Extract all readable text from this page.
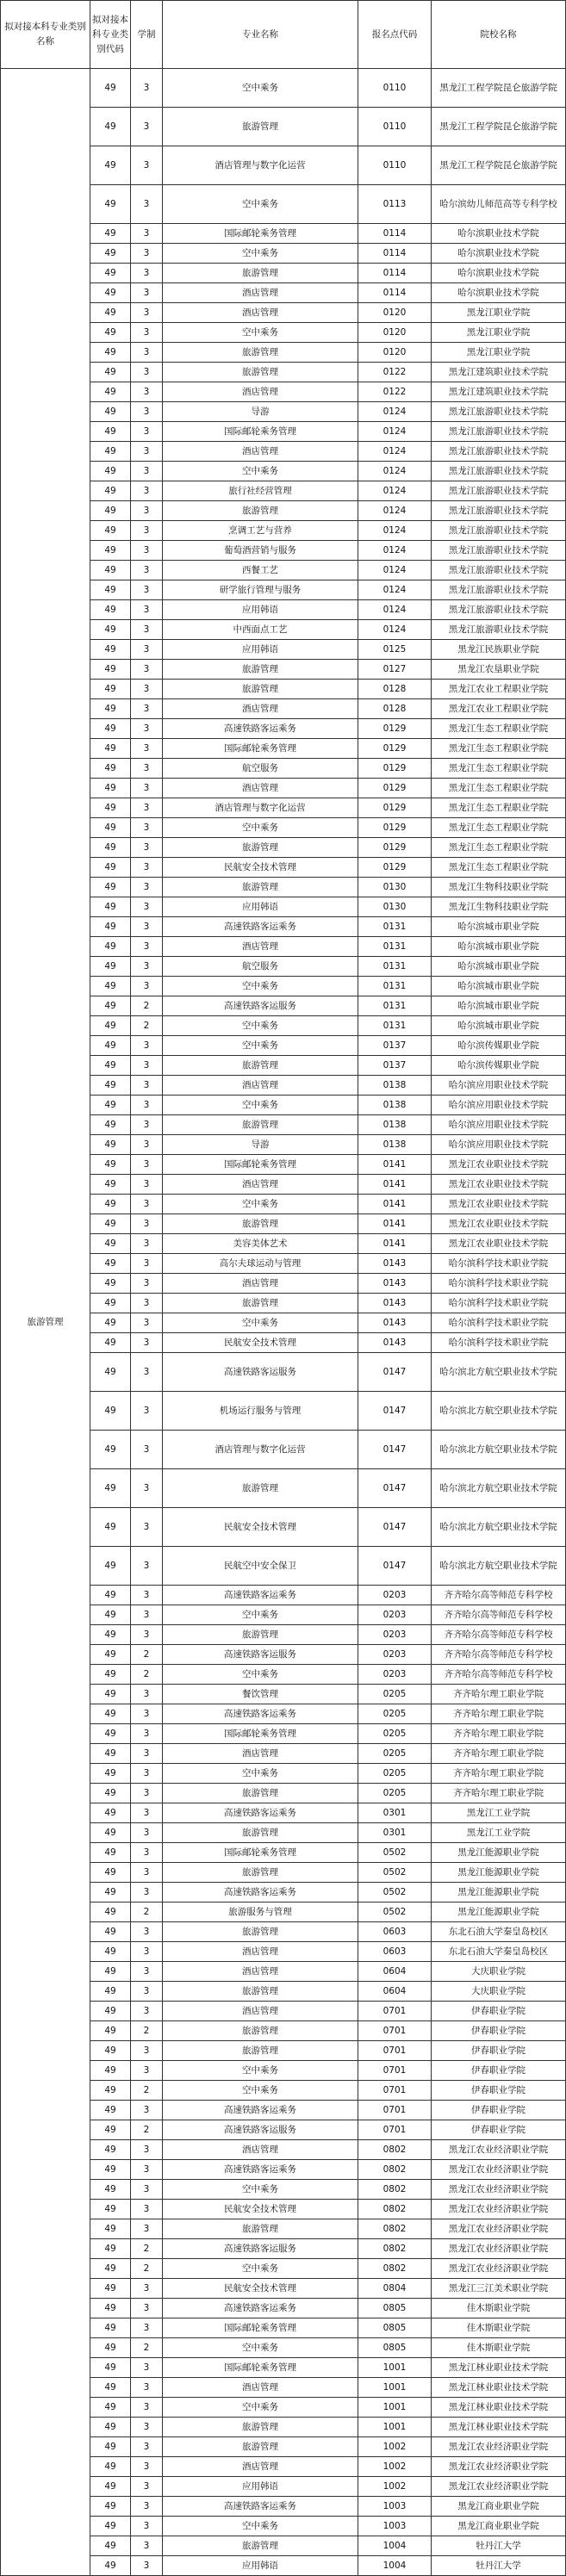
拟对接本科专业类别名称	拟对接本科专业类别代码	学制	专业名称	报名点代码	院校名称
旅游管理	49	3	空中乘务	0110	黑龙江工程学院昆仑旅游学院
	49	3	旅游管理	0110	黑龙江工程学院昆仑旅游学院
	49	3	酒店管理与数字化运营	0110	黑龙江工程学院昆仑旅游学院
	49	3	空中乘务	0113	哈尔滨幼儿师范高等专科学校
	49	3	国际邮轮乘务管理	0114	哈尔滨职业技术学院
	49	3	空中乘务	0114	哈尔滨职业技术学院
	49	3	旅游管理	0114	哈尔滨职业技术学院
	49	3	酒店管理	0114	哈尔滨职业技术学院
	49	3	酒店管理	0120	黑龙江职业学院
	49	3	空中乘务	0120	黑龙江职业学院
	49	3	旅游管理	0120	黑龙江职业学院
	49	3	旅游管理	0122	黑龙江建筑职业技术学院
	49	3	酒店管理	0122	黑龙江建筑职业技术学院
	49	3	导游	0124	黑龙江旅游职业技术学院
	49	3	国际邮轮乘务管理	0124	黑龙江旅游职业技术学院
	49	3	酒店管理	0124	黑龙江旅游职业技术学院
	49	3	空中乘务	0124	黑龙江旅游职业技术学院
	49	3	旅行社经营管理	0124	黑龙江旅游职业技术学院
	49	3	旅游管理	0124	黑龙江旅游职业技术学院
	49	3	烹调工艺与营养	0124	黑龙江旅游职业技术学院
	49	3	葡萄酒营销与服务	0124	黑龙江旅游职业技术学院
	49	3	西餐工艺	0124	黑龙江旅游职业技术学院
	49	3	研学旅行管理与服务	0124	黑龙江旅游职业技术学院
	49	3	应用韩语	0124	黑龙江旅游职业技术学院
	49	3	中西面点工艺	0124	黑龙江旅游职业技术学院
	49	3	应用韩语	0125	黑龙江民族职业学院
	49	3	旅游管理	0127	黑龙江农垦职业学院
	49	3	旅游管理	0128	黑龙江农业工程职业学院
	49	3	酒店管理	0128	黑龙江农业工程职业学院
	49	3	高速铁路客运乘务	0129	黑龙江生态工程职业学院
	49	3	国际邮轮乘务管理	0129	黑龙江生态工程职业学院
	49	3	航空服务	0129	黑龙江生态工程职业学院
	49	3	酒店管理	0129	黑龙江生态工程职业学院
	49	3	酒店管理与数字化运营	0129	黑龙江生态工程职业学院
	49	3	空中乘务	0129	黑龙江生态工程职业学院
	49	3	旅游管理	0129	黑龙江生态工程职业学院
	49	3	民航安全技术管理	0129	黑龙江生态工程职业学院
	49	3	旅游管理	0130	黑龙江生物科技职业学院
	49	3	应用韩语	0130	黑龙江生物科技职业学院
	49	3	高速铁路客运乘务	0131	哈尔滨城市职业学院
	49	3	酒店管理	0131	哈尔滨城市职业学院
	49	3	航空服务	0131	哈尔滨城市职业学院
	49	3	空中乘务	0131	哈尔滨城市职业学院
	49	2	高速铁路客运服务	0131	哈尔滨城市职业学院
	49	2	空中乘务	0131	哈尔滨城市职业学院
	49	3	空中乘务	0137	哈尔滨传媒职业学院
	49	3	旅游管理	0137	哈尔滨传媒职业学院
	49	3	酒店管理	0138	哈尔滨应用职业技术学院
	49	3	空中乘务	0138	哈尔滨应用职业技术学院
	49	3	旅游管理	0138	哈尔滨应用职业技术学院
	49	3	导游	0138	哈尔滨应用职业技术学院
	49	3	国际邮轮乘务管理	0141	黑龙江农业职业技术学院
	49	3	酒店管理	0141	黑龙江农业职业技术学院
	49	3	空中乘务	0141	黑龙江农业职业技术学院
	49	3	旅游管理	0141	黑龙江农业职业技术学院
	49	3	美容美体艺术	0141	黑龙江农业职业技术学院
	49	3	高尔夫球运动与管理	0143	哈尔滨科学技术职业学院
	49	3	酒店管理	0143	哈尔滨科学技术职业学院
	49	3	旅游管理	0143	哈尔滨科学技术职业学院
	49	3	空中乘务	0143	哈尔滨科学技术职业学院
	49	3	民航安全技术管理	0143	哈尔滨科学技术职业学院
	49	3	高速铁路客运服务	0147	哈尔滨北方航空职业技术学院
	49	3	机场运行服务与管理	0147	哈尔滨北方航空职业技术学院
	49	3	酒店管理与数字化运营	0147	哈尔滨北方航空职业技术学院
	49	3	旅游管理	0147	哈尔滨北方航空职业技术学院
	49	3	民航安全技术管理	0147	哈尔滨北方航空职业技术学院
	49	3	民航空中安全保卫	0147	哈尔滨北方航空职业技术学院
	49	3	高速铁路客运乘务	0203	齐齐哈尔高等师范专科学校
	49	3	空中乘务	0203	齐齐哈尔高等师范专科学校
	49	3	旅游管理	0203	齐齐哈尔高等师范专科学校
	49	2	高速铁路客运服务	0203	齐齐哈尔高等师范专科学校
	49	2	空中乘务	0203	齐齐哈尔高等师范专科学校
	49	3	餐饮管理	0205	齐齐哈尔理工职业学院
	49	3	高速铁路客运乘务	0205	齐齐哈尔理工职业学院
	49	3	国际邮轮乘务管理	0205	齐齐哈尔理工职业学院
	49	3	酒店管理	0205	齐齐哈尔理工职业学院
	49	3	空中乘务	0205	齐齐哈尔理工职业学院
	49	3	旅游管理	0205	齐齐哈尔理工职业学院
	49	3	高速铁路客运乘务	0301	黑龙江工业学院
	49	3	旅游管理	0301	黑龙江工业学院
	49	3	国际邮轮乘务管理	0502	黑龙江能源职业学院
	49	3	旅游管理	0502	黑龙江能源职业学院
	49	3	高速铁路客运乘务	0502	黑龙江能源职业学院
	49	2	旅游服务与管理	0502	黑龙江能源职业学院
	49	3	旅游管理	0603	东北石油大学秦皇岛校区
	49	3	酒店管理	0603	东北石油大学秦皇岛校区
	49	3	酒店管理	0604	大庆职业学院
	49	3	旅游管理	0604	大庆职业学院
	49	3	酒店管理	0701	伊春职业学院
	49	2	旅游管理	0701	伊春职业学院
	49	3	旅游管理	0701	伊春职业学院
	49	3	空中乘务	0701	伊春职业学院
	49	2	空中乘务	0701	伊春职业学院
	49	3	高速铁路客运乘务	0701	伊春职业学院
	49	2	高速铁路客运服务	0701	伊春职业学院
	49	3	酒店管理	0802	黑龙江农业经济职业学院
	49	3	高速铁路客运乘务	0802	黑龙江农业经济职业学院
	49	3	空中乘务	0802	黑龙江农业经济职业学院
	49	3	民航安全技术管理	0802	黑龙江农业经济职业学院
	49	3	旅游管理	0802	黑龙江农业经济职业学院
	49	2	高速铁路客运服务	0802	黑龙江农业经济职业学院
	49	2	空中乘务	0802	黑龙江农业经济职业学院
	49	3	民航安全技术管理	0804	黑龙江三江美术职业学院
	49	3	高速铁路客运乘务	0805	佳木斯职业学院
	49	3	国际邮轮乘务管理	0805	佳木斯职业学院
	49	2	空中乘务	0805	佳木斯职业学院
	49	3	国际邮轮乘务管理	1001	黑龙江林业职业技术学院
	49	3	酒店管理	1001	黑龙江林业职业技术学院
	49	3	空中乘务	1001	黑龙江林业职业技术学院
	49	3	旅游管理	1001	黑龙江林业职业技术学院
	49	3	旅游管理	1002	黑龙江农业经济职业学院
	49	3	酒店管理	1002	黑龙江农业经济职业学院
	49	3	应用韩语	1002	黑龙江农业经济职业学院
	49	3	高速铁路客运乘务	1003	黑龙江商业职业学院
	49	3	空中乘务	1003	黑龙江商业职业学院
	49	3	旅游管理	1004	牡丹江大学
	49	3	应用韩语	1004	牡丹江大学
